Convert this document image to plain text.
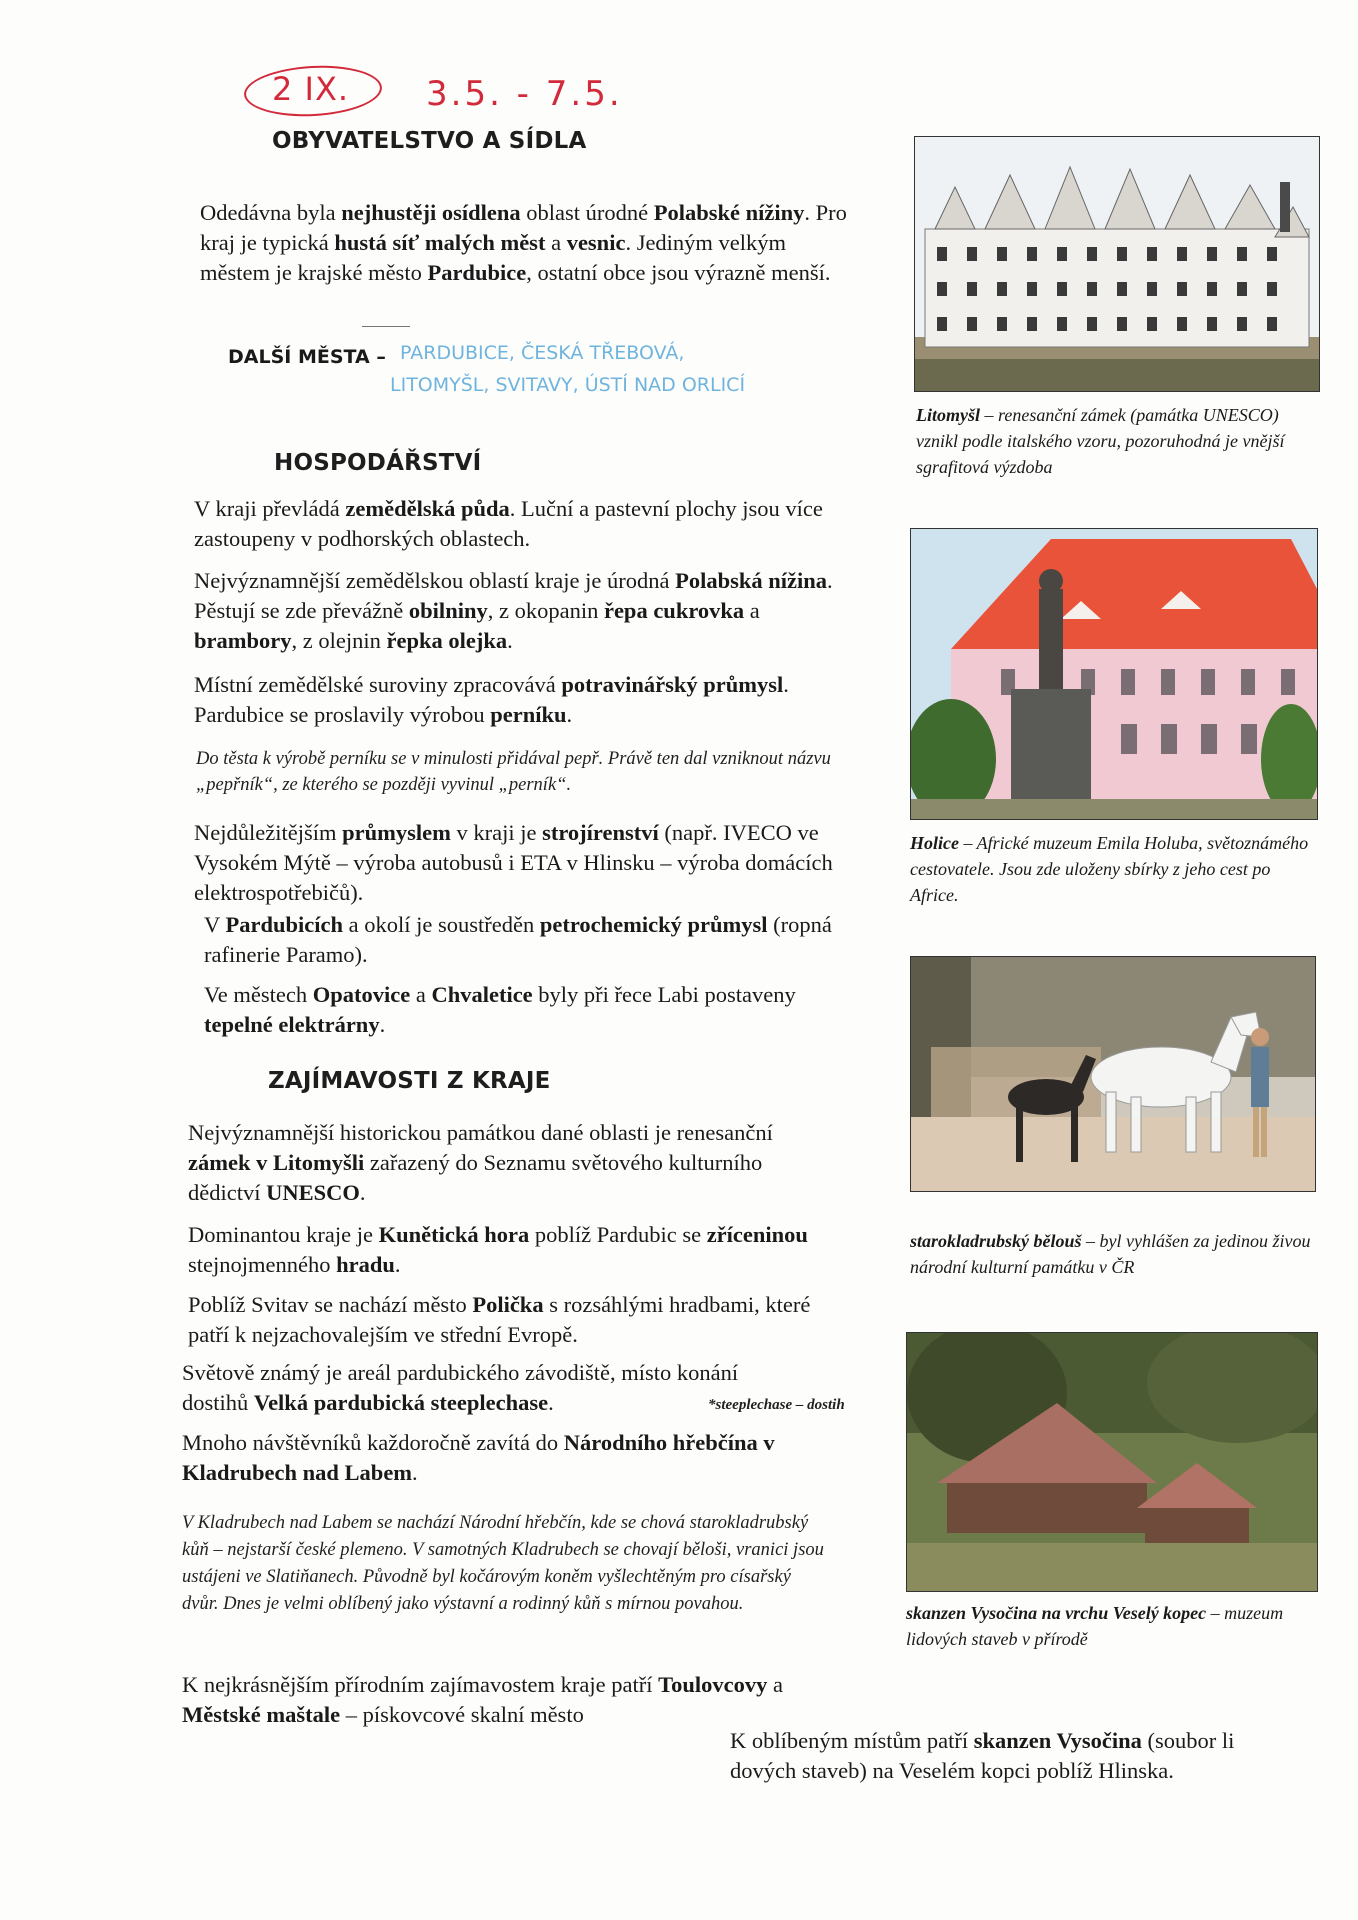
2 IX. 3.5. - 7.5.
OBYVATELSTVO A SÍDLA
Odedávna byla nejhustěji osídlena oblast úrodné Polabské nížiny. Pro kraj je typická hustá síť malých měst a vesnic. Jediným velkým městem je krajské město Pardubice, ostatní obce jsou výrazně menší.
DALŠÍ MĚSTA – PARDUBICE, ČESKÁ TŘEBOVÁ,
LITOMYŠL, SVITAVY, ÚSTÍ NAD ORLICÍ
HOSPODÁŘSTVÍ
V kraji převládá zemědělská půda. Luční a pastevní plochy jsou více zastoupeny v podhorských oblastech.
Nejvýznamnější zemědělskou oblastí kraje je úrodná Polabská nížina. Pěstují se zde převážně obilniny, z okopanin řepa cukrovka a brambory, z olejnin řepka olejka.
Místní zemědělské suroviny zpracovává potravinářský průmysl. Pardubice se proslavily výrobou perníku.
Do těsta k výrobě perníku se v minulosti přidával pepř. Právě ten dal vzniknout názvu „pepřník“, ze kterého se později vyvinul „perník“.
Nejdůležitějším průmyslem v kraji je strojírenství (např. IVECO ve Vysokém Mýtě – výroba autobusů i ETA v Hlinsku – výroba domácích elektrospotřebičů).
V Pardubicích a okolí je soustředěn petrochemický průmysl (ropná rafinerie Paramo).
Ve městech Opatovice a Chvaletice byly při řece Labi postaveny tepelné elektrárny.
ZAJÍMAVOSTI Z KRAJE
Nejvýznamnější historickou památkou dané oblasti je renesanční zámek v Litomyšli zařazený do Seznamu světového kulturního dědictví UNESCO.
Dominantou kraje je Kunětická hora poblíž Pardubic se zříceninou stejnojmenného hradu.
Poblíž Svitav se nachází město Polička s rozsáhlými hradbami, které patří k nejzachovalejším ve střední Evropě.
Světově známý je areál pardubického závodiště, místo konání dostihů Velká pardubická steeplechase.	*steeplechase – dostih
Mnoho návštěvníků každoročně zavítá do Národního hřebčína v Kladrubech nad Labem.
V Kladrubech nad Labem se nachází Národní hřebčín, kde se chová starokladrubský kůň – nejstarší české plemeno. V samotných Kladrubech se chovají běloši, vranici jsou ustájeni ve Slatiňanech. Původně byl kočárovým koněm vyšlechtěným pro císařský dvůr. Dnes je velmi oblíbený jako výstavní a rodinný kůň s mírnou povahou.
K nejkrásnějším přírodním zajímavostem kraje patří Toulovcovy a Městské maštale – pískovcové skalní město
K oblíbeným místům patří skanzen Vysočina (soubor li
dových staveb) na Veselém kopci poblíž Hlinska.
Litomyšl – renesanční zámek (památka UNESCO) vznikl podle italského vzoru, pozoruhodná je vnější sgrafitová výzdoba
Holice – Africké muzeum Emila Holuba, světoznámého cestovatele. Jsou zde uloženy sbírky z jeho cest po Africe.
starokladrubský bělouš – byl vyhlášen za jedinou živou národní kulturní památku v ČR
skanzen Vysočina na vrchu Veselý kopec – muzeum lidových staveb v přírodě
